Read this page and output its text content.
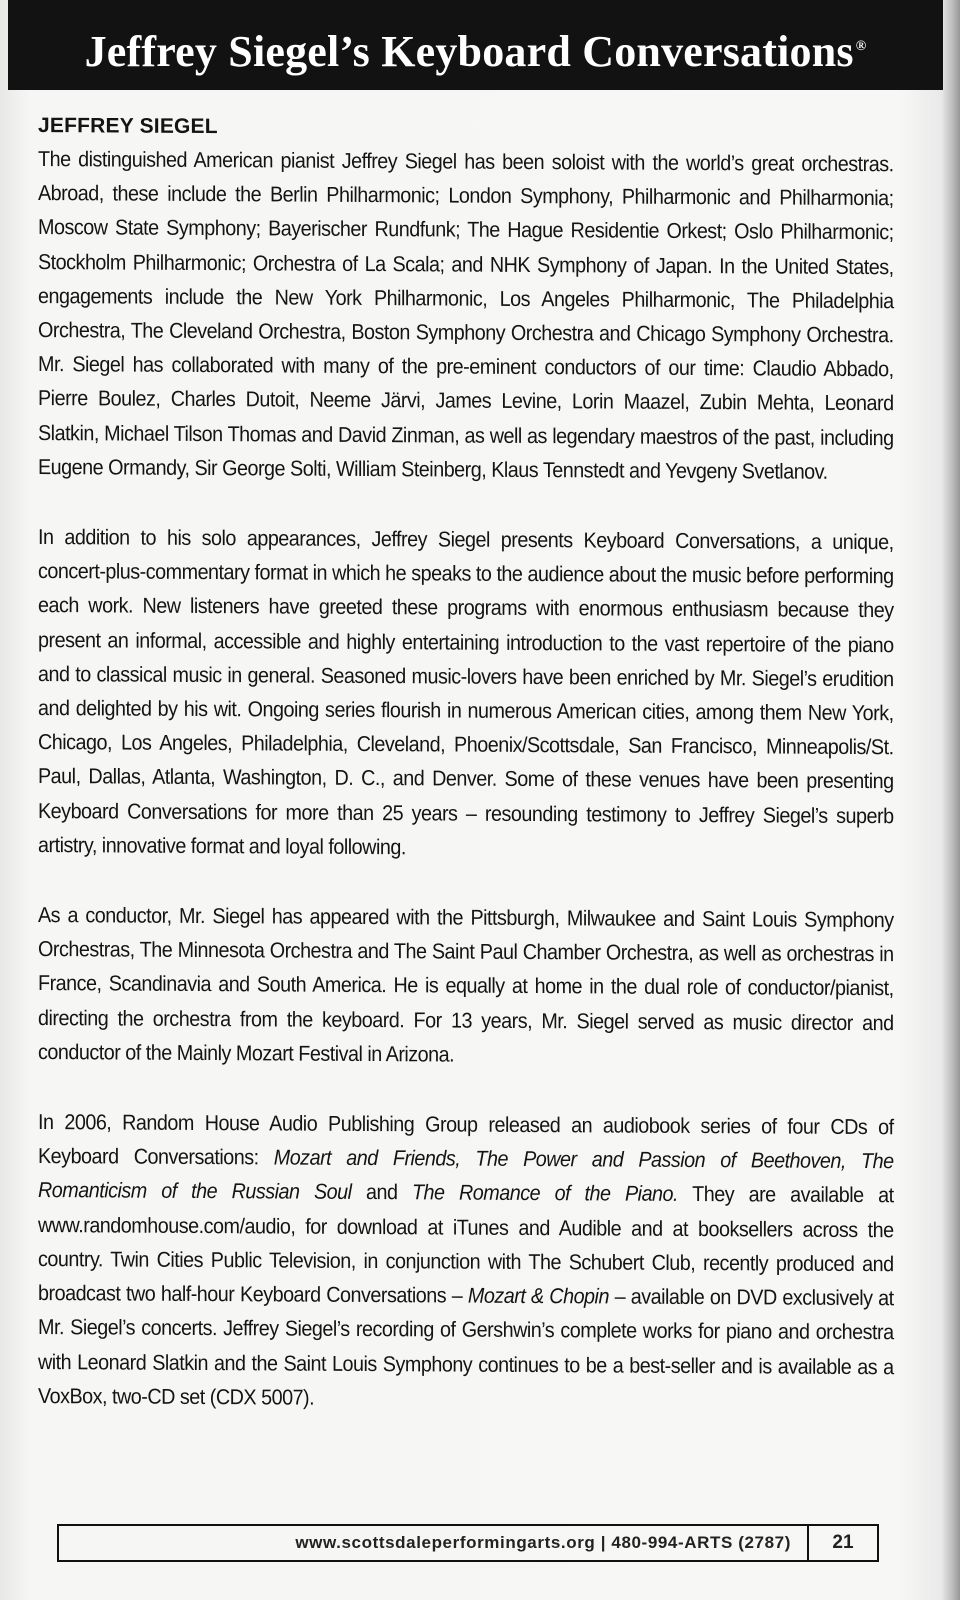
Jeffrey Siegel’s Keyboard Conversations ®
JEFFREY SIEGEL

The distinguished American pianist Jeffrey Siegel has been soloist with the world’s great orchestras. Abroad, these include the Berlin Philharmonic; London Symphony, Philharmonic and Philharmonia; Moscow State Symphony; Bayerischer Rundfunk; The Hague Residentie Orkest; Oslo Philharmonic; Stockholm Philharmonic; Orchestra of La Scala; and NHK Symphony of Japan. In the United States, engagements include the New York Philharmonic, Los Angeles Philharmonic, The Philadelphia Orchestra, The Cleveland Orchestra, Boston Symphony Orchestra and Chicago Symphony Orchestra. Mr. Siegel has collaborated with many of the pre-eminent conductors of our time: Claudio Abbado, Pierre Boulez, Charles Dutoit, Neeme Järvi, James Levine, Lorin Maazel, Zubin Mehta, Leonard Slatkin, Michael Tilson Thomas and David Zinman, as well as legendary maestros of the past, including Eugene Ormandy, Sir George Solti, William Steinberg, Klaus Tennstedt and Yevgeny Svetlanov.

In addition to his solo appearances, Jeffrey Siegel presents Keyboard Conversations, a unique, concert-plus-commentary format in which he speaks to the audience about the music before performing each work. New listeners have greeted these programs with enormous enthusiasm because they present an informal, accessible and highly entertaining introduction to the vast repertoire of the piano and to classical music in general. Seasoned music-lovers have been enriched by Mr. Siegel’s erudition and delighted by his wit. Ongoing series flourish in numerous American cities, among them New York, Chicago, Los Angeles, Philadelphia, Cleveland, Phoenix/Scottsdale, San Francisco, Minneapolis/St. Paul, Dallas, Atlanta, Washington, D. C., and Denver. Some of these venues have been presenting Keyboard Conversations for more than 25 years – resounding testimony to Jeffrey Siegel’s superb artistry, innovative format and loyal following.

As a conductor, Mr. Siegel has appeared with the Pittsburgh, Milwaukee and Saint Louis Symphony Orchestras, The Minnesota Orchestra and The Saint Paul Chamber Orchestra, as well as orchestras in France, Scandinavia and South America. He is equally at home in the dual role of conductor/pianist, directing the orchestra from the keyboard. For 13 years, Mr. Siegel served as music director and conductor of the Mainly Mozart Festival in Arizona.

In 2006, Random House Audio Publishing Group released an audiobook series of four CDs of Keyboard Conversations: Mozart and Friends, The Power and Passion of Beethoven, The Romanticism of the Russian Soul and The Romance of the Piano. They are available at www.randomhouse.com/audio, for download at iTunes and Audible and at booksellers across the country. Twin Cities Public Television, in conjunction with The Schubert Club, recently produced and broadcast two half-hour Keyboard Conversations – Mozart & Chopin – available on DVD exclusively at Mr. Siegel’s concerts. Jeffrey Siegel’s recording of Gershwin’s complete works for piano and orchestra with Leonard Slatkin and the Saint Louis Symphony continues to be a best-seller and is available as a VoxBox, two-CD set (CDX 5007).

www.scottsdaleperformingarts.org | 480-994-ARTS (2787)	21
